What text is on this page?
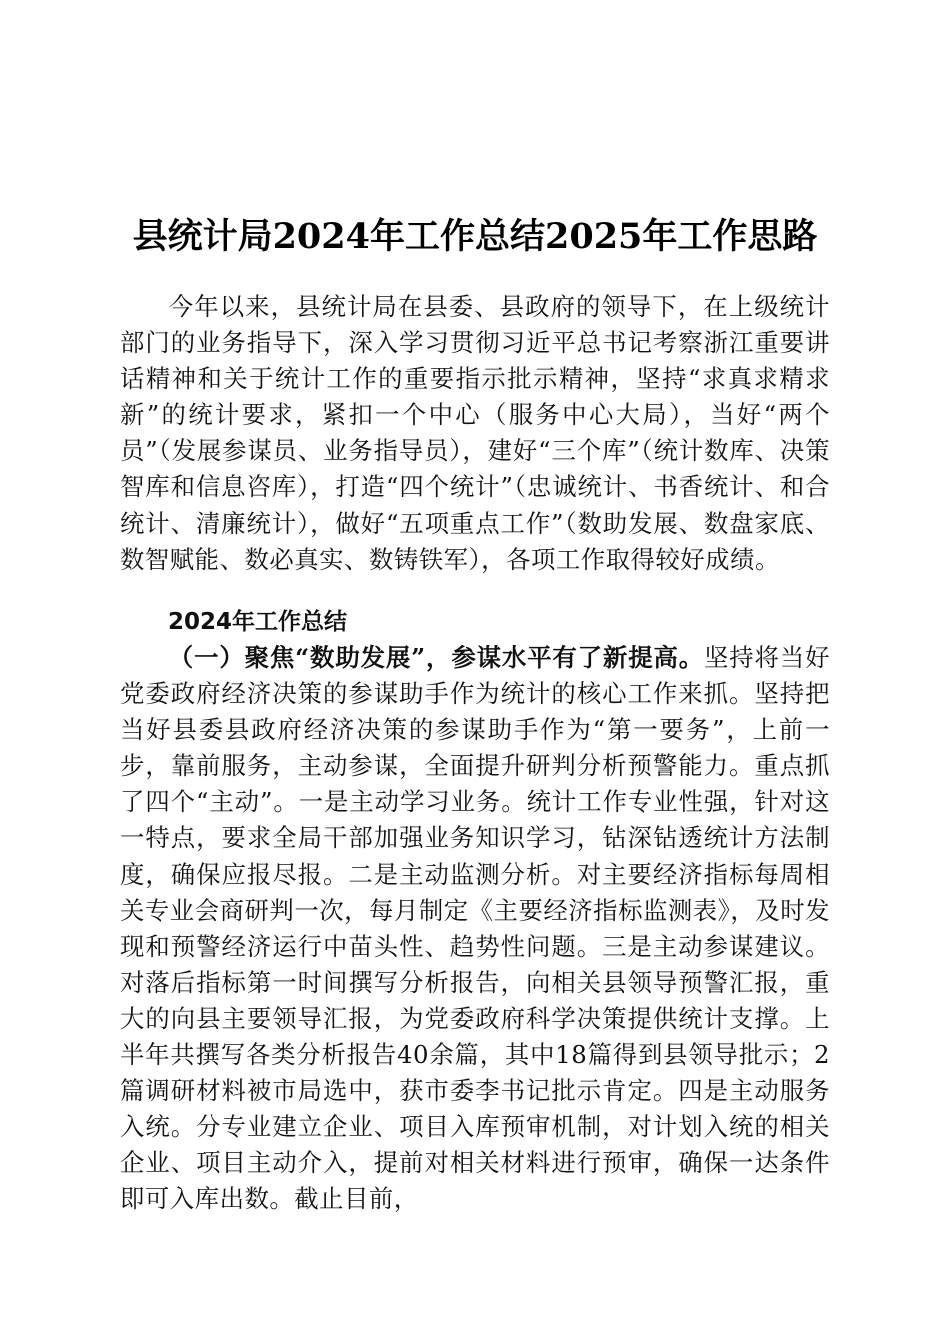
县统计局2024年工作总结2025年工作思路

今年以来，县统计局在县委、县政府的领导下，在上级统计部门的业务指导下，深入学习贯彻习近平总书记考察浙江重要讲话精神和关于统计工作的重要指示批示精神，坚持“求真求精求新”的统计要求，紧扣一个中心（服务中心大局），当好“两个员”（发展参谋员、业务指导员），建好“三个库”（统计数库、决策智库和信息咨库），打造“四个统计”（忠诚统计、书香统计、和合统计、清廉统计），做好“五项重点工作”（数助发展、数盘家底、数智赋能、数必真实、数铸铁军），各项工作取得较好成绩。

2024年工作总结

（一）聚焦“数助发展”，参谋水平有了新提高。坚持将当好党委政府经济决策的参谋助手作为统计的核心工作来抓。坚持把当好县委县政府经济决策的参谋助手作为“第一要务”，上前一步，靠前服务，主动参谋，全面提升研判分析预警能力。重点抓了四个“主动”。一是主动学习业务。统计工作专业性强，针对这一特点，要求全局干部加强业务知识学习，钻深钻透统计方法制度，确保应报尽报。二是主动监测分析。对主要经济指标每周相关专业会商研判一次，每月制定《主要经济指标监测表》，及时发现和预警经济运行中苗头性、趋势性问题。三是主动参谋建议。对落后指标第一时间撰写分析报告，向相关县领导预警汇报，重大的向县主要领导汇报，为党委政府科学决策提供统计支撑。上半年共撰写各类分析报告40余篇，其中18篇得到县领导批示；2篇调研材料被市局选中，获市委李书记批示肯定。四是主动服务入统。分专业建立企业、项目入库预审机制，对计划入统的相关企业、项目主动介入，提前对相关材料进行预审，确保一达条件即可入库出数。截止目前，
